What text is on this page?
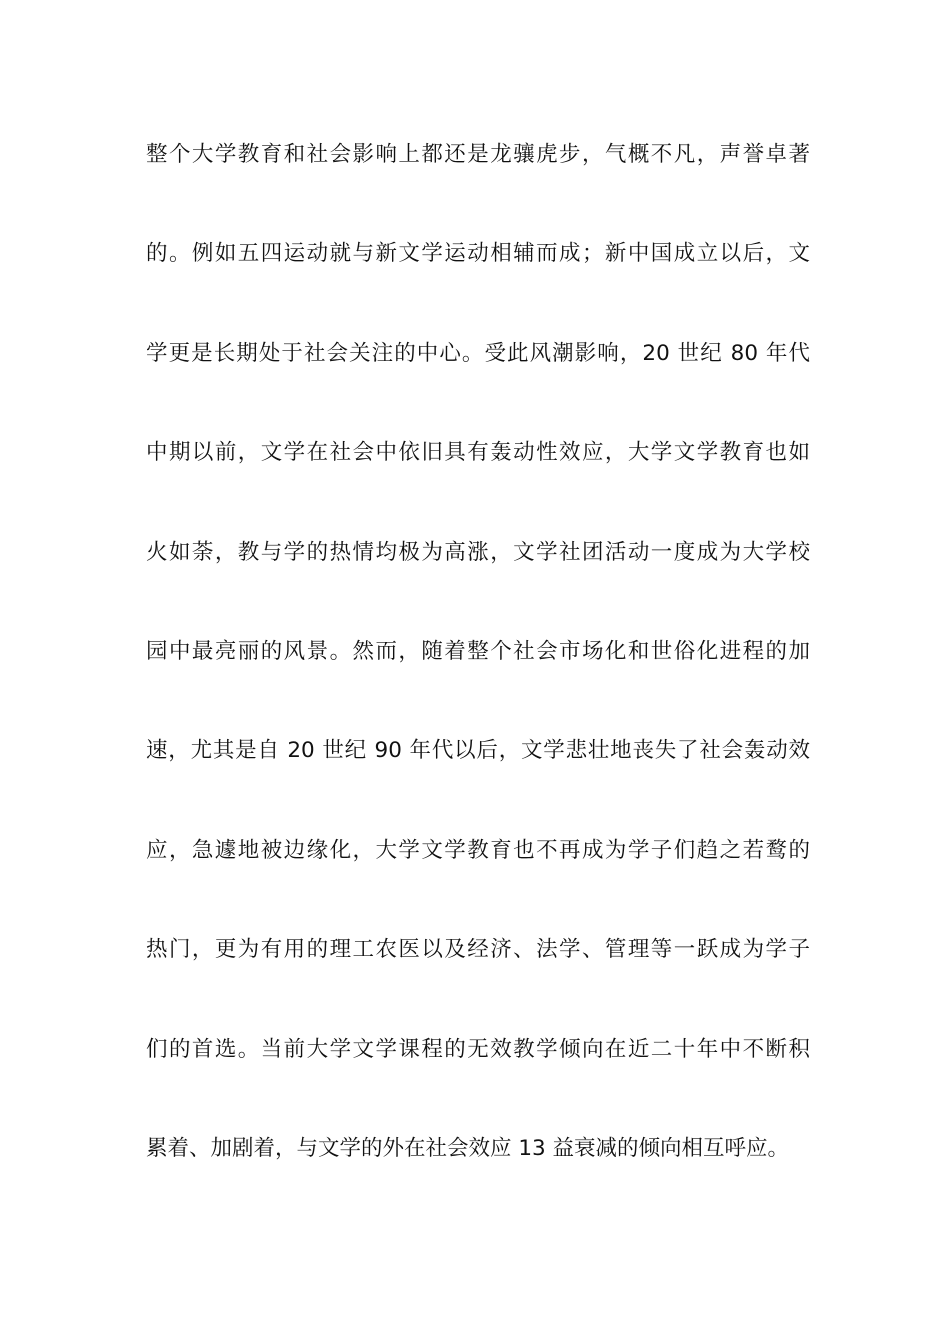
整个大学教育和社会影响上都还是龙骧虎步，气概不凡，声誉卓著
的。例如五四运动就与新文学运动相辅而成；新中国成立以后，文
学更是长期处于社会关注的中心。受此风潮影响，20 世纪 80 年代
中期以前，文学在社会中依旧具有轰动性效应，大学文学教育也如
火如荼，教与学的热情均极为高涨，文学社团活动一度成为大学校
园中最亮丽的风景。然而，随着整个社会市场化和世俗化进程的加
速，尤其是自 20 世纪 90 年代以后，文学悲壮地丧失了社会轰动效
应，急遽地被边缘化，大学文学教育也不再成为学子们趋之若鹜的
热门，更为有用的理工农医以及经济、法学、管理等一跃成为学子
们的首选。当前大学文学课程的无效教学倾向在近二十年中不断积
累着、加剧着，与文学的外在社会效应 13 益衰减的倾向相互呼应。
